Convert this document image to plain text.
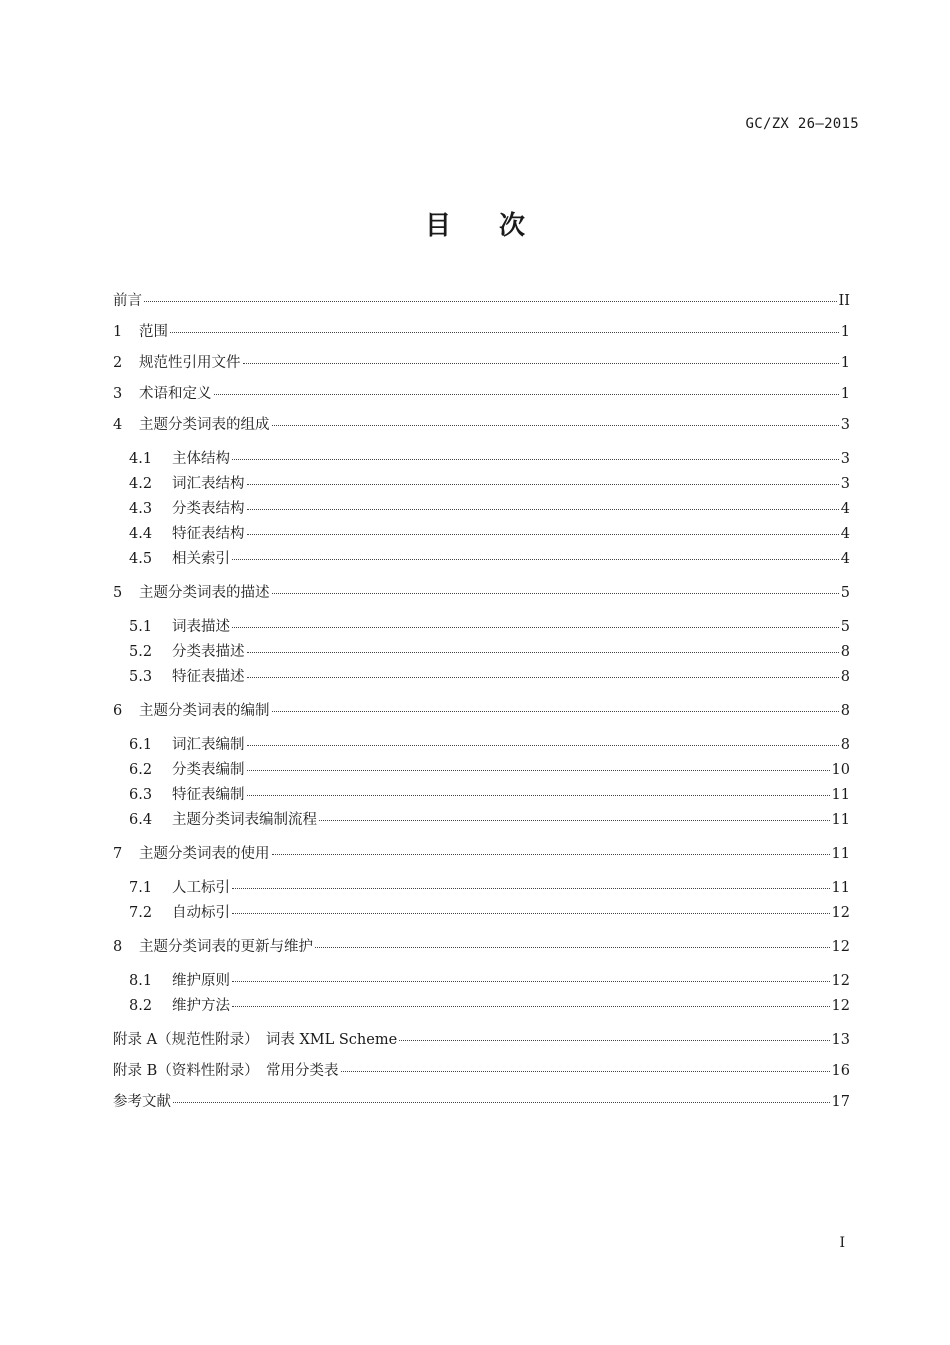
GC/ZX 26—2015
目次
前言	II
1	范围	1
2	规范性引用文件	1
3	术语和定义	1
4	主题分类词表的组成	3
4.1	主体结构	3
4.2	词汇表结构	3
4.3	分类表结构	4
4.4	特征表结构	4
4.5	相关索引	4
5	主题分类词表的描述	5
5.1	词表描述	5
5.2	分类表描述	8
5.3	特征表描述	8
6	主题分类词表的编制	8
6.1	词汇表编制	8
6.2	分类表编制	10
6.3	特征表编制	11
6.4	主题分类词表编制流程	11
7	主题分类词表的使用	11
7.1	人工标引	11
7.2	自动标引	12
8	主题分类词表的更新与维护	12
8.1	维护原则	12
8.2	维护方法	12
附录 A（规范性附录）　词表 XML Scheme	13
附录 B（资料性附录）　常用分类表	16
参考文献	17
I
